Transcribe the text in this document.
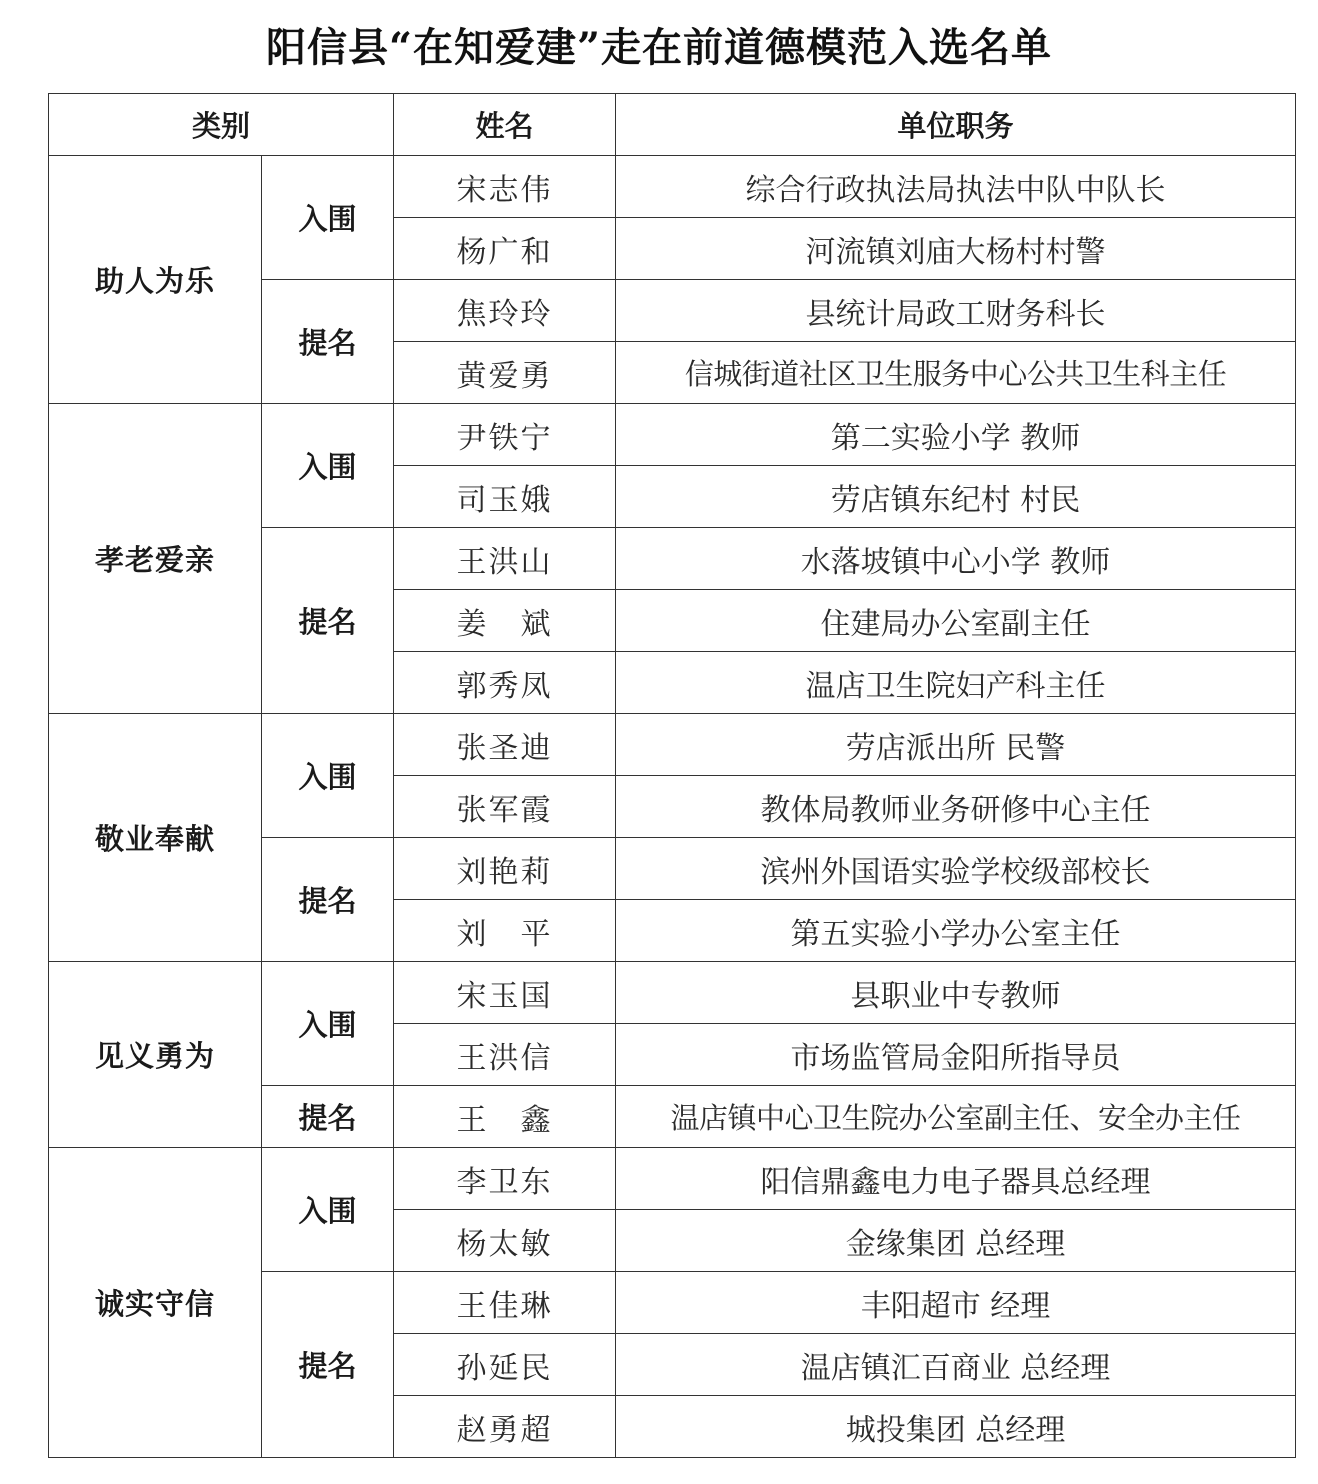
阳信县“在知爱建”走在前道德模范入选名单
类别		姓名	单位职务
助人为乐	入围	宋志伟	综合行政执法局执法中队中队长
		杨广和	河流镇刘庙大杨村村警
	提名	焦玲玲	县统计局政工财务科长
		黄爱勇	信城街道社区卫生服务中心公共卫生科主任
孝老爱亲	入围	尹铁宁	第二实验小学 教师
		司玉娥	劳店镇东纪村 村民
	提名	王洪山	水落坡镇中心小学 教师
		姜　斌	住建局办公室副主任
		郭秀凤	温店卫生院妇产科主任
敬业奉献	入围	张圣迪	劳店派出所 民警
		张军霞	教体局教师业务研修中心主任
	提名	刘艳莉	滨州外国语实验学校级部校长
		刘　平	第五实验小学办公室主任
见义勇为	入围	宋玉国	县职业中专教师
		王洪信	市场监管局金阳所指导员
	提名	王　鑫	温店镇中心卫生院办公室副主任、安全办主任
诚实守信	入围	李卫东	阳信鼎鑫电力电子器具总经理
		杨太敏	金缘集团 总经理
	提名	王佳琳	丰阳超市 经理
		孙延民	温店镇汇百商业 总经理
		赵勇超	城投集团 总经理
